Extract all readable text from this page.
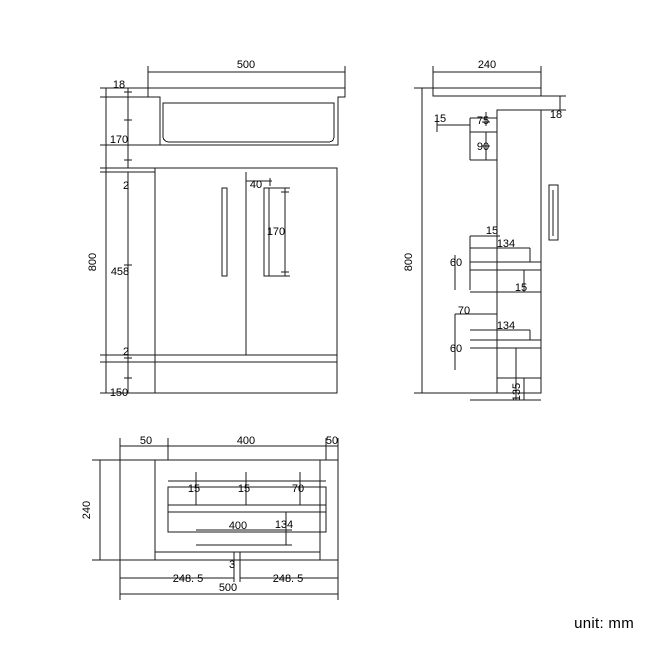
500
18
170
2
458
2
150
800
40
170
240
800
18
15	75
90
15
134
60
15
70
134
60
135
50	400	50
240
15	15	70
400	134
3
248. 5	248. 5
500
unit: mm
